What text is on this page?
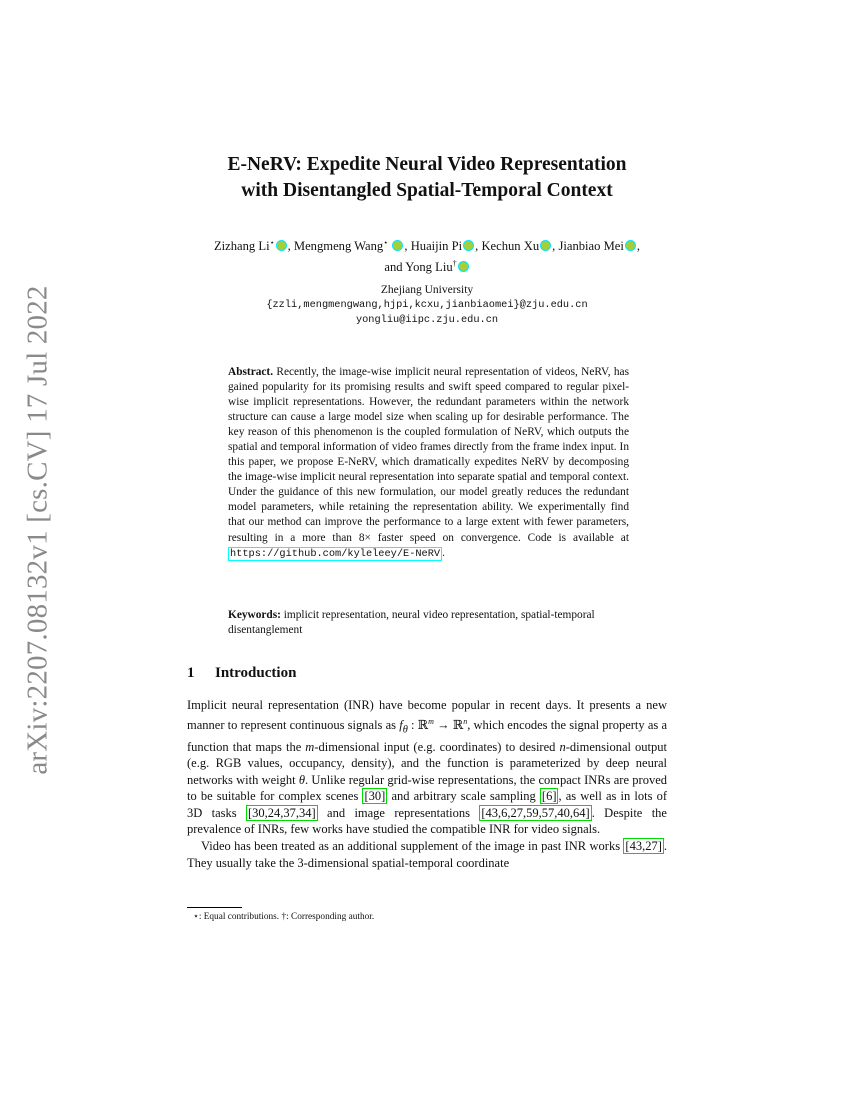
arXiv:2207.08132v1 [cs.CV] 17 Jul 2022
E-NeRV: Expedite Neural Video Representation
with Disentangled Spatial-Temporal Context
Zizhang Li⋆ , Mengmeng Wang⋆ , Huaijin Pi , Kechun Xu , Jianbiao Mei ,
and Yong Liu†
Zhejiang University
{zzli,mengmengwang,hjpi,kcxu,jianbiaomei}@zju.edu.cn
yongliu@iipc.zju.edu.cn

Abstract. Recently, the image-wise implicit neural representation of videos, NeRV, has gained popularity for its promising results and swift speed compared to regular pixel-wise implicit representations. However, the redundant parameters within the network structure can cause a large model size when scaling up for desirable performance. The key reason of this phenomenon is the coupled formulation of NeRV, which outputs the spatial and temporal information of video frames directly from the frame index input. In this paper, we propose E-NeRV, which dramatically expedites NeRV by decomposing the image-wise implicit neural representation into separate spatial and temporal context. Under the guidance of this new formulation, our model greatly reduces the redundant model parameters, while retaining the representation ability. We experimentally find that our method can improve the performance to a large extent with fewer parameters, resulting in a more than 8× faster speed on convergence. Code is available at https://github.com/kyleleey/E-NeRV .

Keywords: implicit representation, neural video representation, spatial-temporal disentanglement
1 Introduction

Implicit neural representation (INR) have become popular in recent days. It presents a new manner to represent continuous signals as $f_\theta$ : ℝ$^m$ → ℝ$^n$, which encodes the signal property as a function that maps the m-dimensional input (e.g. coordinates) to desired n-dimensional output (e.g. RGB values, occupancy, density), and the function is parameterized by deep neural networks with weight θ. Unlike regular grid-wise representations, the compact INRs are proved to be suitable for complex scenes [30] and arbitrary scale sampling [6] , as well as in lots of 3D tasks [30,24,37,34] and image representations [43,6,27,59,57,40,64] . Despite the prevalence of INRs, few works have studied the compatible INR for video signals.

Video has been treated as an additional supplement of the image in past INR works [43,27] . They usually take the 3-dimensional spatial-temporal coordinate

⋆: Equal contributions. †: Corresponding author.
